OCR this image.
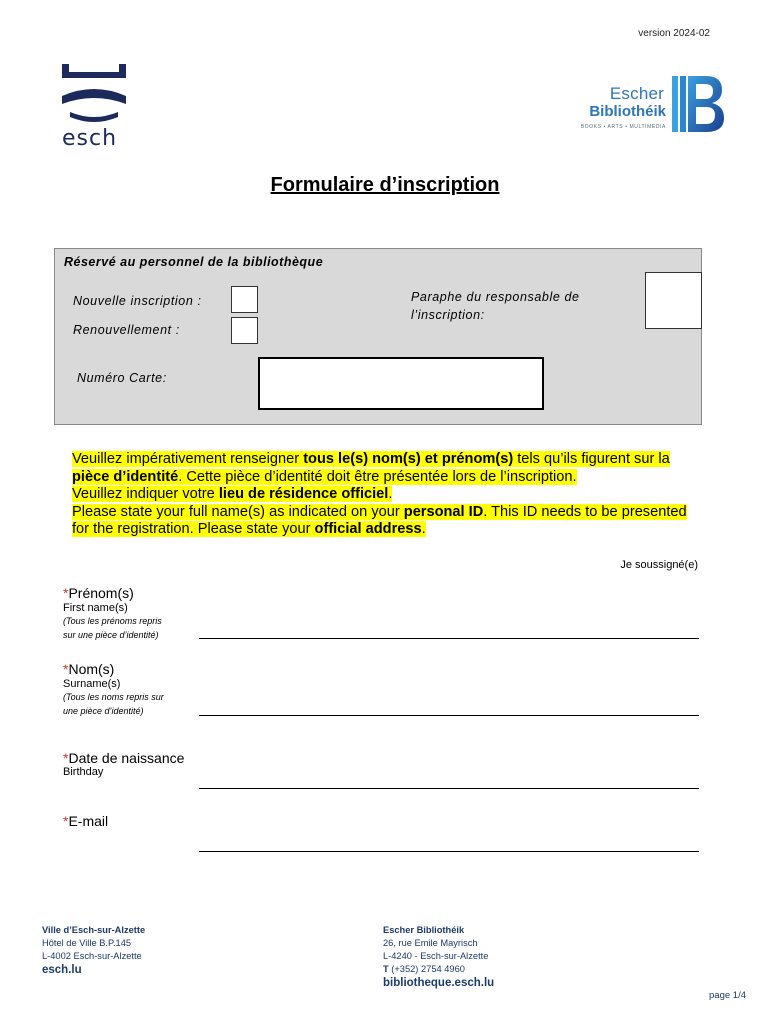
version 2024-02
esch
Escher
Bibliothéik
BOOKS • ARTS • MULTIMEDIA
Formulaire d’inscription
Réservé au personnel de la bibliothèque
Nouvelle inscription :
Renouvellement :
Paraphe du responsable de
l’inscription:
Numéro Carte:
Veuillez impérativement renseigner tous le(s) nom(s) et prénom(s) tels qu’ils figurent sur la pièce d’identité. Cette pièce d’identité doit être présentée lors de l’inscription.
Veuillez indiquer votre lieu de résidence officiel.
Please state your full name(s) as indicated on your personal ID. This ID needs to be presented for the registration. Please state your official address.
Je soussigné(e)
*Prénom(s)
First name(s)
(Tous les prénoms repris
sur une pièce d’identité)
*Nom(s)
Surname(s)
(Tous les noms repris sur
une pièce d’identité)
*Date de naissance
Birthday
*E-mail
Ville d’Esch-sur-Alzette
Hôtel de Ville B.P.145
L-4002 Esch-sur-Alzette
esch.lu
Escher Bibliothéik
26, rue Emile Mayrisch
L-4240 - Esch-sur-Alzette
T (+352) 2754 4960
bibliotheque.esch.lu
page 1/4
